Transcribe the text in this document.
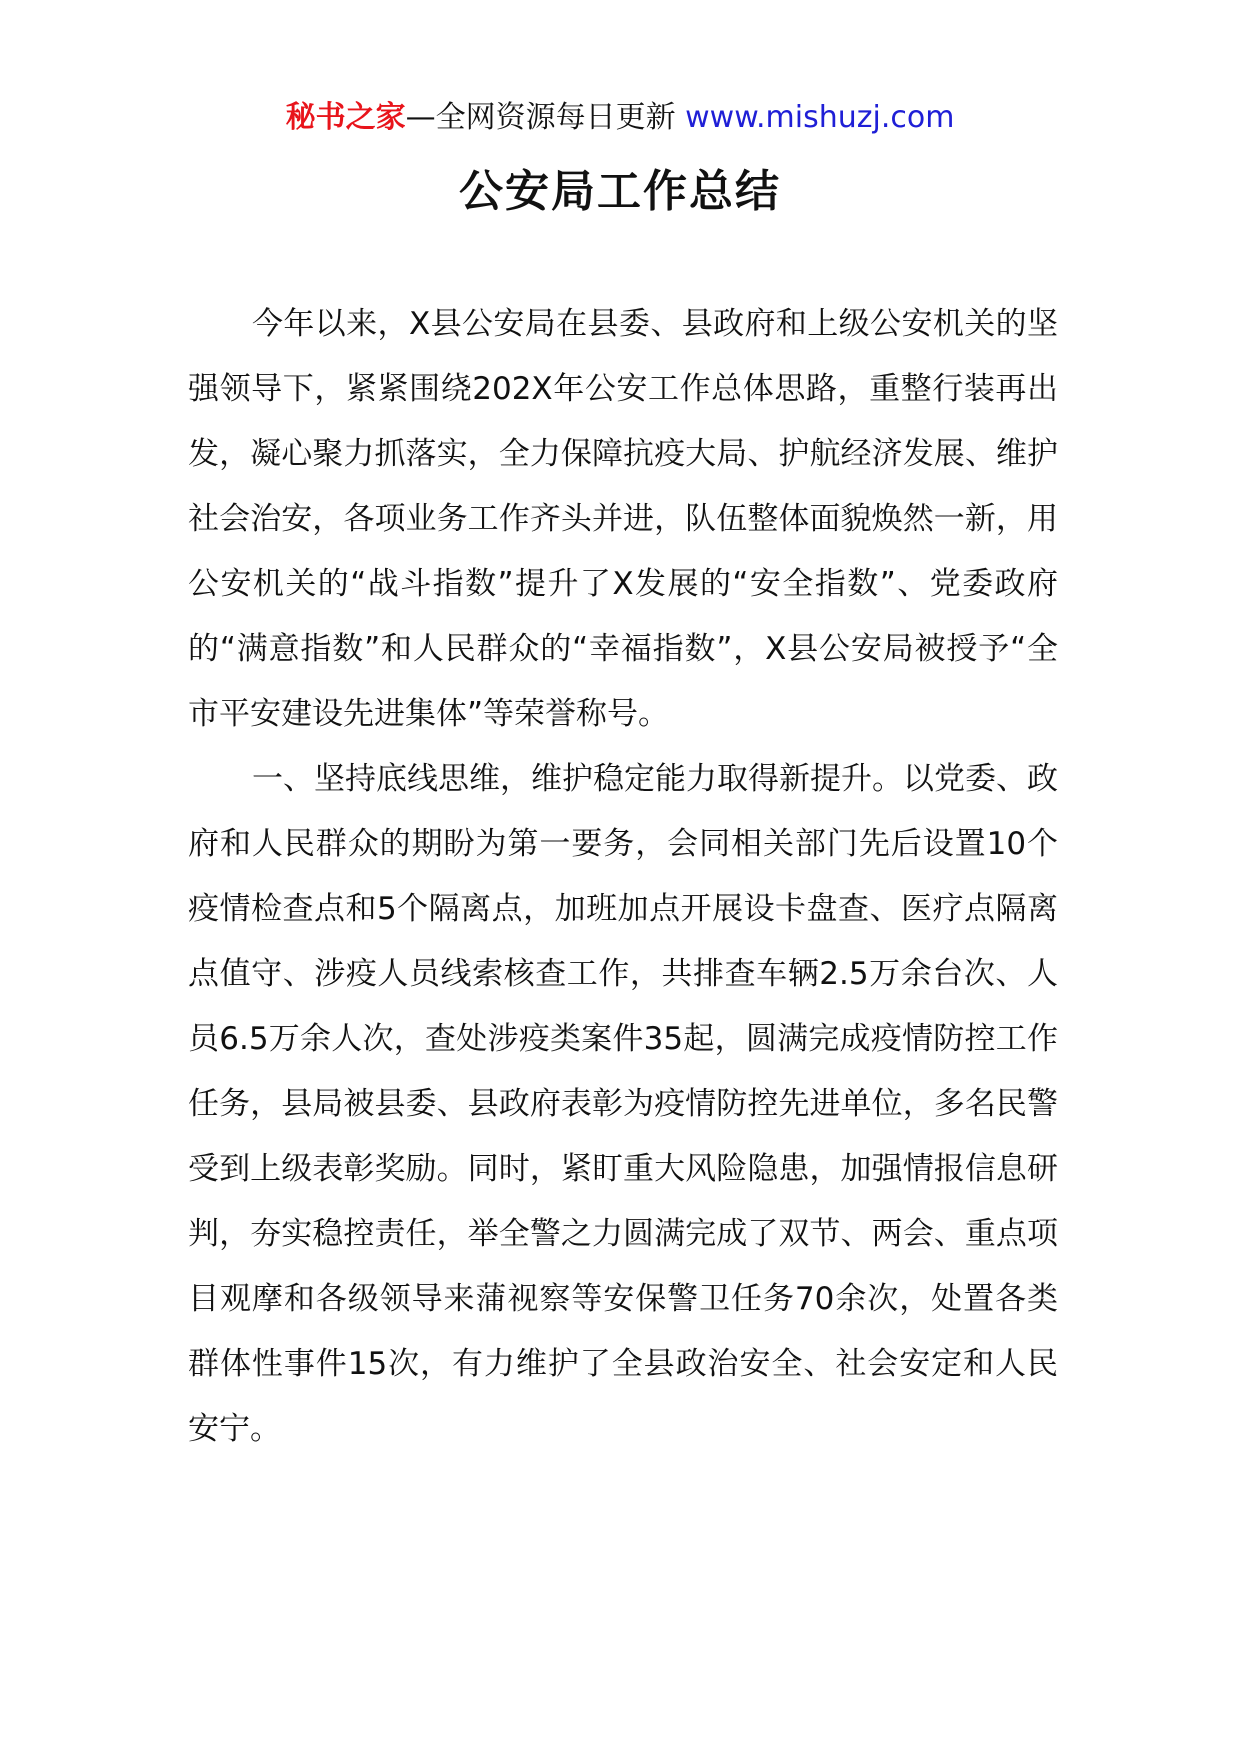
秘书之家—全网资源每日更新 www.mishuzj.com
公安局工作总结

今年以来，X县公安局在县委、县政府和上级公安机关的坚强领导下，紧紧围绕202X年公安工作总体思路，重整行装再出发，凝心聚力抓落实，全力保障抗疫大局、护航经济发展、维护社会治安，各项业务工作齐头并进，队伍整体面貌焕然一新，用公安机关的“战斗指数”提升了X发展的“安全指数”、党委政府的“满意指数”和人民群众的“幸福指数”，X县公安局被授予“全市平安建设先进集体”等荣誉称号。

一、坚持底线思维，维护稳定能力取得新提升。以党委、政府和人民群众的期盼为第一要务，会同相关部门先后设置10个疫情检查点和5个隔离点，加班加点开展设卡盘查、医疗点隔离点值守、涉疫人员线索核查工作，共排查车辆2.5万余台次、人员6.5万余人次，查处涉疫类案件35起，圆满完成疫情防控工作任务，县局被县委、县政府表彰为疫情防控先进单位，多名民警受到上级表彰奖励。同时，紧盯重大风险隐患，加强情报信息研判，夯实稳控责任，举全警之力圆满完成了双节、两会、重点项目观摩和各级领导来蒲视察等安保警卫任务70余次，处置各类群体性事件15次，有力维护了全县政治安全、社会安定和人民安宁。
